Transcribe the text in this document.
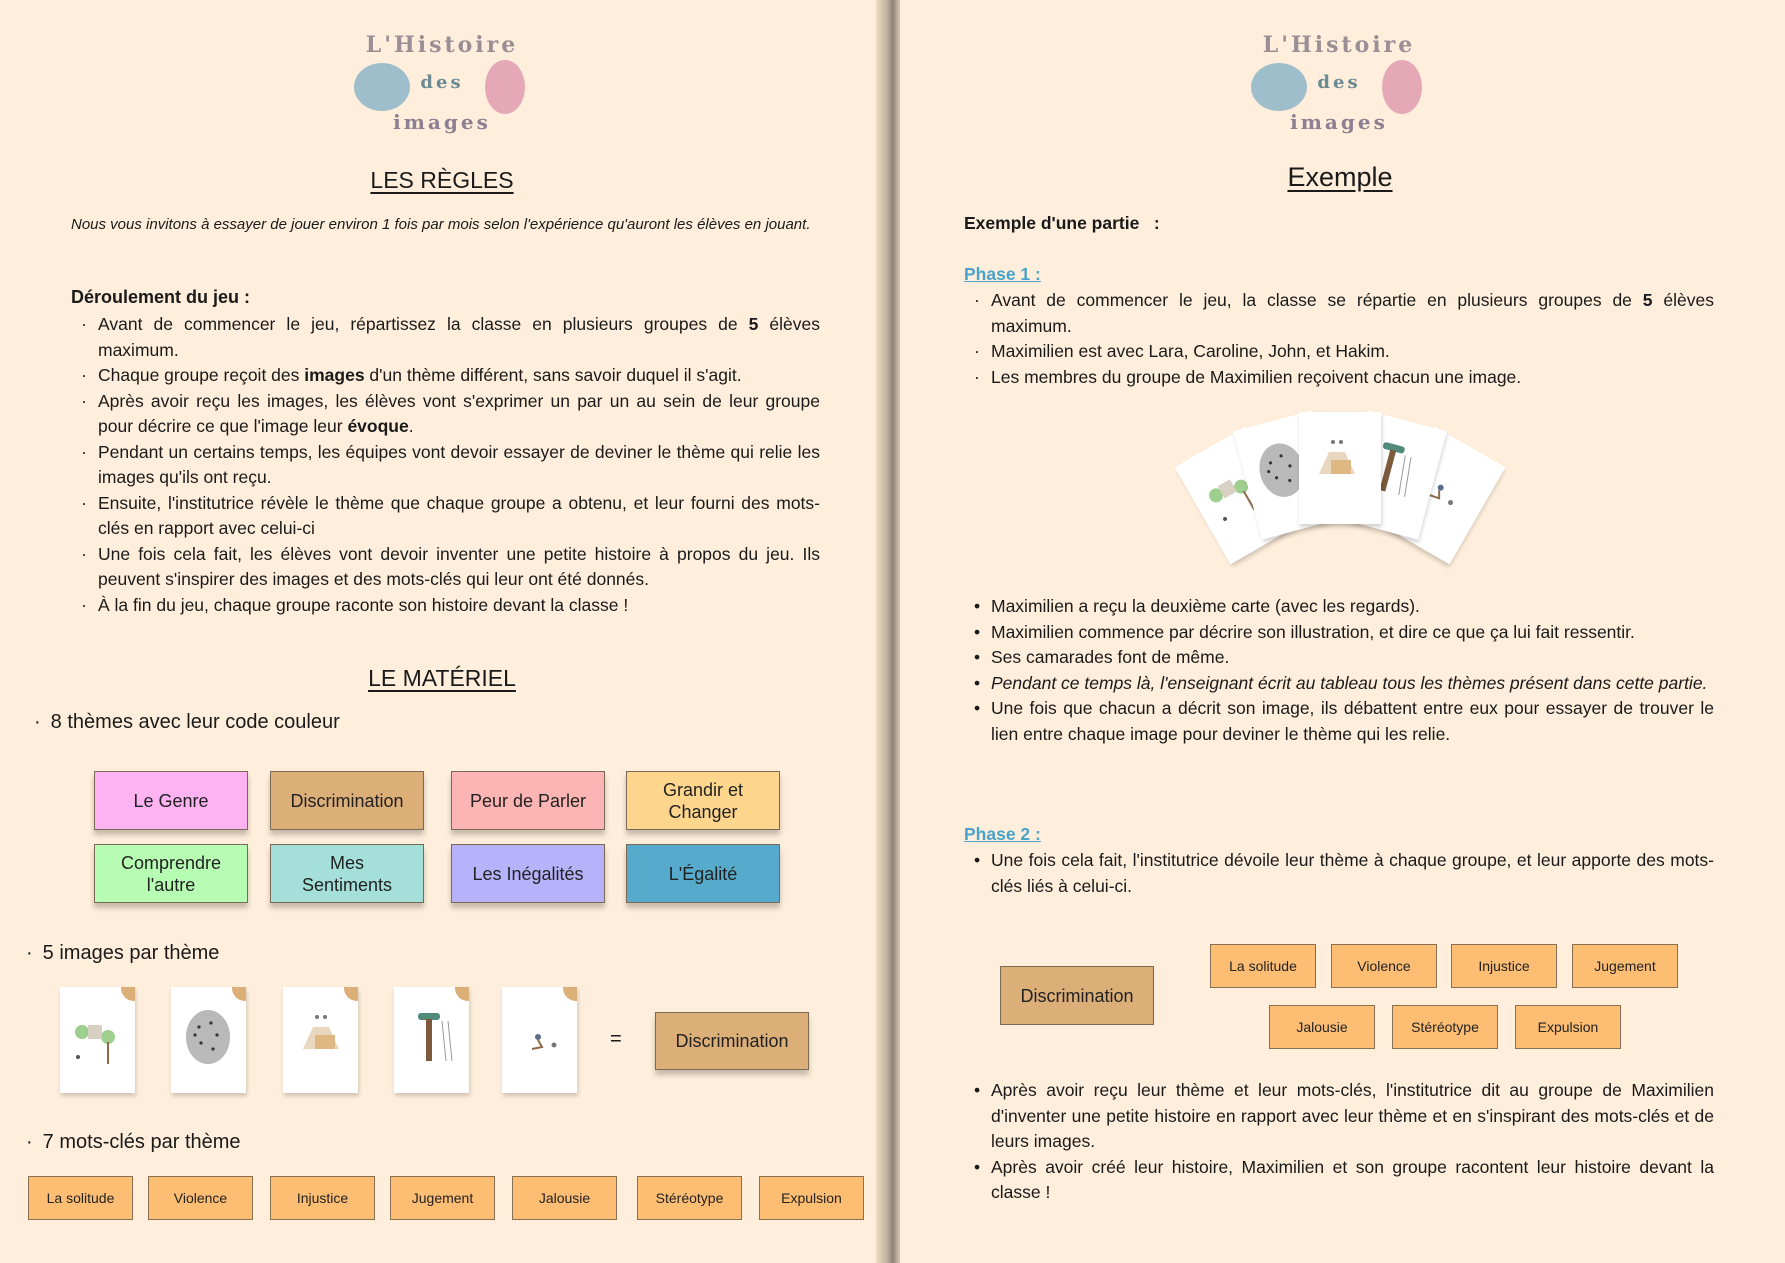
L'Histoire
des
images
LES RÈGLES
Nous vous invitons à essayer de jouer environ 1 fois par mois selon l'expérience qu'auront les élèves en jouant.
Déroulement du jeu :
· Avant de commencer le jeu, répartissez la classe en plusieurs groupes de 5 élèves maximum.
· Chaque groupe reçoit des images d'un thème différent, sans savoir duquel il s'agit.
· Après avoir reçu les images, les élèves vont s'exprimer un par un au sein de leur groupe pour décrire ce que l'image leur évoque.
· Pendant un certains temps, les équipes vont devoir essayer de deviner le thème qui relie les images qu'ils ont reçu.
· Ensuite, l'institutrice révèle le thème que chaque groupe a obtenu, et leur fourni des mots-clés en rapport avec celui-ci
· Une fois cela fait, les élèves vont devoir inventer une petite histoire à propos du jeu. Ils peuvent s'inspirer des images et des mots-clés qui leur ont été donnés.
· À la fin du jeu, chaque groupe raconte son histoire devant la classe !
LE MATÉRIEL
· 8 thèmes avec leur code couleur
Le Genre	Discrimination	Peur de Parler
Grandir et Changer
Comprendre l'autre
Mes Sentiments
Les Inégalités	L'Égalité
· 5 images par thème
=	Discrimination
· 7 mots-clés par thème
La solitude	Violence	Injustice	Jugement	Jalousie	Stéréotype	Expulsion
L'Histoire
des
images
Exemple
Exemple d'une partie   :
Phase 1 :
· Avant de commencer le jeu, la classe se répartie en plusieurs groupes de 5 élèves maximum.
· Maximilien est avec Lara, Caroline, John, et Hakim.
· Les membres du groupe de Maximilien reçoivent chacun une image.
• Maximilien a reçu la deuxième carte (avec les regards).
• Maximilien commence par décrire son illustration, et dire ce que ça lui fait ressentir.
• Ses camarades font de même.
• Pendant ce temps là, l'enseignant écrit au tableau tous les thèmes présent dans cette partie.
• Une fois que chacun a décrit son image, ils débattent entre eux pour essayer de trouver le lien entre chaque image pour deviner le thème qui les relie.
Phase 2 :
• Une fois cela fait, l'institutrice dévoile leur thème à chaque groupe, et leur apporte des mots-clés liés à celui-ci.
Discrimination
La solitude	Violence	Injustice	Jugement
Jalousie	Stéréotype	Expulsion
• Après avoir reçu leur thème et leur mots-clés, l'institutrice dit au groupe de Maximilien d'inventer une petite histoire en rapport avec leur thème et en s'inspirant des mots-clés et de leurs images.
• Après avoir créé leur histoire, Maximilien et son groupe racontent leur histoire devant la classe !
